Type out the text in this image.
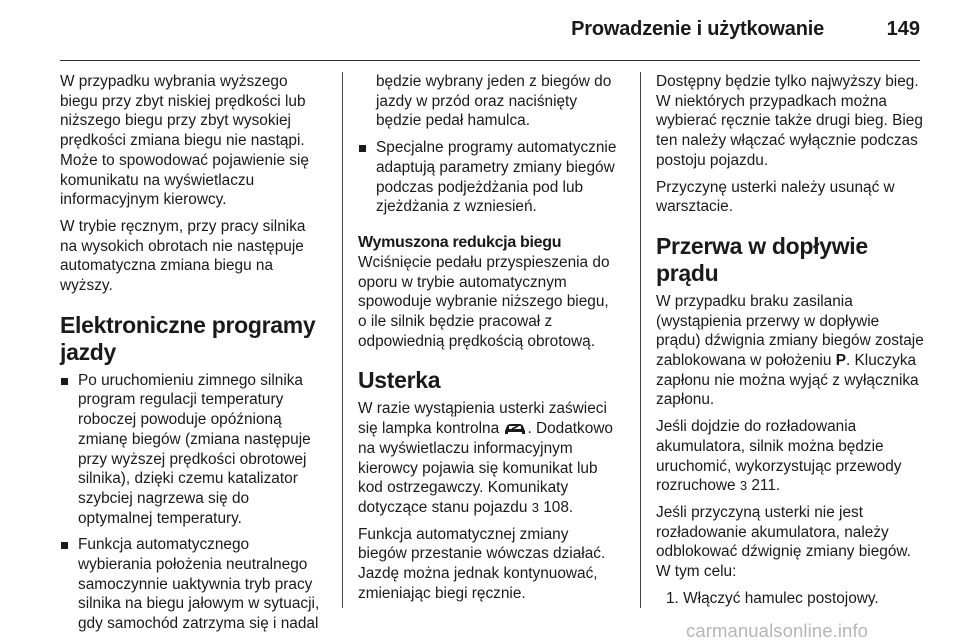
Prowadzenie i użytkowanie	149

W przypadku wybrania wyższego biegu przy zbyt niskiej prędkości lub niższego biegu przy zbyt wysokiej prędkości zmiana biegu nie nastąpi. Może to spowodować pojawienie się komunikatu na wyświetlaczu informacyjnym kierowcy.

W trybie ręcznym, przy pracy silnika na wysokich obrotach nie następuje automatyczna zmiana biegu na wyższy.

Elektroniczne programy jazdy
Po uruchomieniu zimnego silnika program regulacji temperatury roboczej powoduje opóźnioną zmianę biegów (zmiana następuje przy wyższej prędkości obrotowej silnika), dzięki czemu katalizator szybciej nagrzewa się do optymalnej temperatury.
Funkcja automatycznego wybierania położenia neutralnego samoczynnie uaktywnia tryb pracy silnika na biegu jałowym w sytuacji, gdy samochód zatrzyma się i nadal
będzie wybrany jeden z biegów do jazdy w przód oraz naciśnięty będzie pedał hamulca.
Specjalne programy automatycznie adaptują parametry zmiany biegów podczas podjeżdżania pod lub zjeżdżania z wzniesień.
Wymuszona redukcja biegu

Wciśnięcie pedału przyspieszenia do oporu w trybie automatycznym spowoduje wybranie niższego biegu, o ile silnik będzie pracował z odpowiednią prędkością obrotową.

Usterka

W razie wystąpienia usterki zaświeci się lampka kontrolna . Dodatkowo na wyświetlaczu informacyjnym kierowcy pojawia się komunikat lub kod ostrzegawczy. Komunikaty dotyczące stanu pojazdu 3 108.

Funkcja automatycznej zmiany biegów przestanie wówczas działać. Jazdę można jednak kontynuować, zmieniając biegi ręcznie.

Dostępny będzie tylko najwyższy bieg. W niektórych przypadkach można wybierać ręcznie także drugi bieg. Bieg ten należy włączać wyłącznie podczas postoju pojazdu.

Przyczynę usterki należy usunąć w warsztacie.

Przerwa w dopływie prądu

W przypadku braku zasilania (wystąpienia przerwy w dopływie prądu) dźwignia zmiany biegów zostaje zablokowana w położeniu P. Kluczyka zapłonu nie można wyjąć z wyłącznika zapłonu.

Jeśli dojdzie do rozładowania akumulatora, silnik można będzie uruchomić, wykorzystując przewody rozruchowe 3 211.

Jeśli przyczyną usterki nie jest rozładowanie akumulatora, należy odblokować dźwignię zmiany biegów. W tym celu:

1. Włączyć hamulec postojowy.
carmanualsonline.info
